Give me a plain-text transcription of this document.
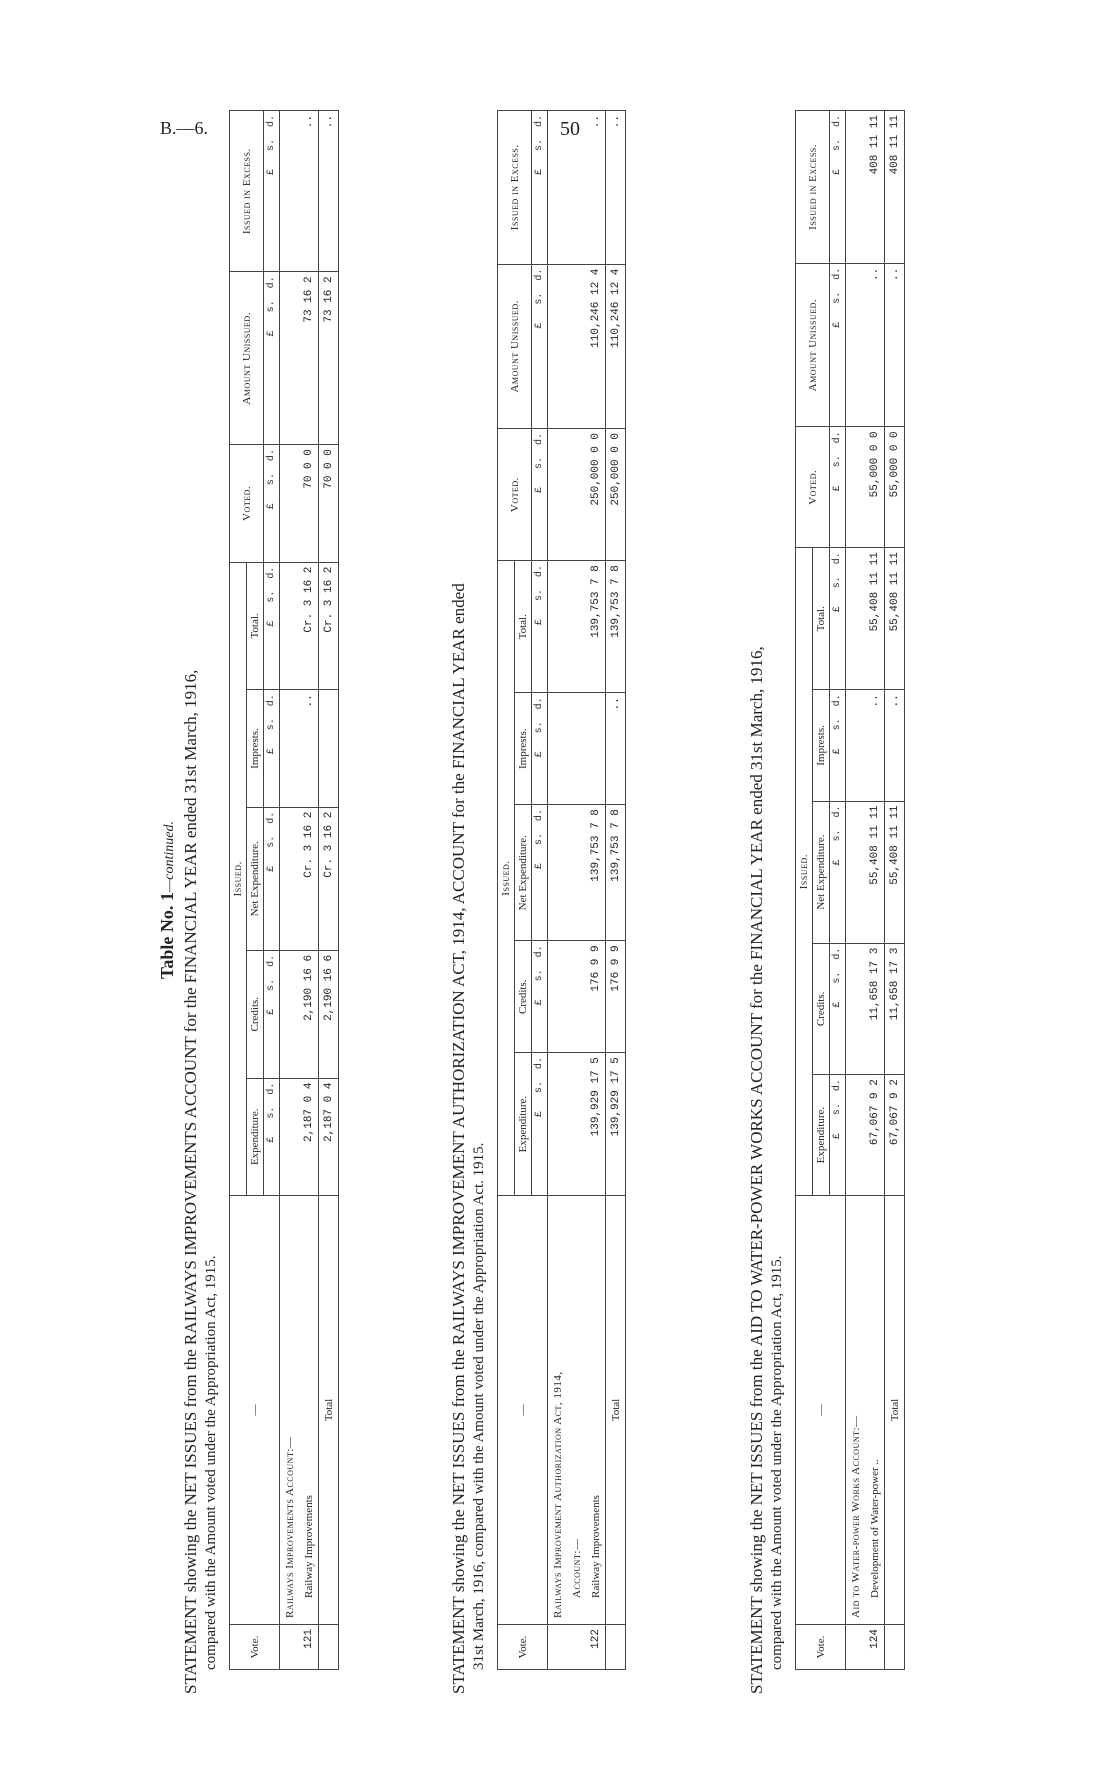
B.—6.	50
Table No. 1—continued. STATEMENT showing the NET ISSUES from the RAILWAYS IMPROVEMENTS ACCOUNT for the FINANCIAL YEAR ended 31st March, 1916, compared with the Amount voted under the Appropriation Act, 1915.	Vote.	—	Issued.					Voted.	Amount Unissued.	Issued in Excess.
		Expenditure.	Credits.	Net Expenditure.	Imprests.	Total.			
		£   s.  d.	£   s.  d.	£   s.  d.	£   s.  d.	£   s.  d.	£   s.  d.	£   s.  d.	£   s.  d.
	Railways Improvements Account:—								
121	Railway Improvements	2,187 0 4	2,190 16 6	Cr. 3 16 2	..	Cr. 3 16 2	70 0 0	73 16 2	..
	Total	2,187 0 4	2,190 16 6	Cr. 3 16 2		Cr. 3 16 2	70 0 0	73 16 2	..
STATEMENT showing the NET ISSUES from the RAILWAYS IMPROVEMENT AUTHORIZATION ACT, 1914, ACCOUNT for the FINANCIAL YEAR ended 31st March, 1916, compared with the Amount voted under the Appropriation Act. 1915.	Vote.	—	Issued.					Voted.	Amount Unissued.	Issued in Excess.
		Expenditure.	Credits.	Net Expenditure.	Imprests.	Total.			
		£   s.  d.	£   s.  d.	£   s.  d.	£   s.  d.	£   s.  d.	£   s.  d.	£   s.  d.	£   s.  d.
	Railways Improvement Authorization Act, 1914,								
	Account:—								
122	Railway Improvements	139,929 17 5	176 9 9	139,753 7 8		139,753 7 8	250,000 0 0	110,246 12 4	..
	Total	139,929 17 5	176 9 9	139,753 7 8	..	139,753 7 8	250,000 0 0	110,246 12 4	..
STATEMENT showing the NET ISSUES from the AID TO WATER-POWER WORKS ACCOUNT for the FINANCIAL YEAR ended 31st March, 1916, compared with the Amount voted under the Appropriation Act, 1915.	Vote.	—	Issued.					Voted.	Amount Unissued.	Issued in Excess.
		Expenditure.	Credits.	Net Expenditure.	Imprests.	Total.			
		£   s.  d.	£   s.  d.	£   s.  d.	£   s.  d.	£   s.  d.	£   s.  d.	£   s.  d.	£   s.  d.
	Aid to Water-power Works Account:—								
124	Development of Water-power ..	67,067 9 2	11,658 17 3	55,408 11 11	..	55,408 11 11	55,000 0 0	..	408 11 11
	Total	67,067 9 2	11,658 17 3	55,408 11 11	..	55,408 11 11	55,000 0 0	..	408 11 11
